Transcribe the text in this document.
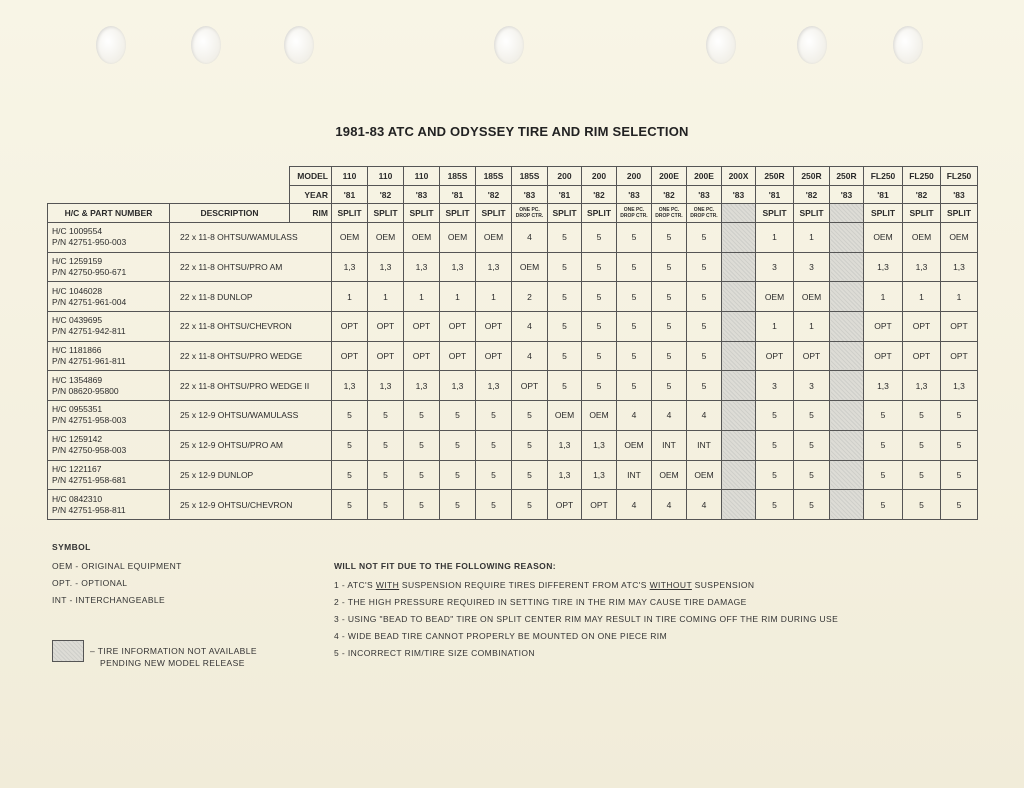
1981-83 ATC AND ODYSSEY TIRE AND RIM SELECTION
		MODEL	110	110	110	185S	185S	185S	200	200	200	200E	200E	200X	250R	250R	250R	FL250	FL250	FL250
		YEAR	'81	'82	'83	'81	'82	'83	'81	'82	'83	'82	'83	'83	'81	'82	'83	'81	'82	'83
H/C & PART NUMBER	DESCRIPTION	RIM	SPLIT	SPLIT	SPLIT	SPLIT	SPLIT	ONE PC. DROP CTR.	SPLIT	SPLIT	ONE PC. DROP CTR.	ONE PC. DROP CTR.	ONE PC. DROP CTR.		SPLIT	SPLIT		SPLIT	SPLIT	SPLIT

H/C 1009554
P/N 42751-950-003	22 x 11-8 OHTSU/WAMULASS		OEM	OEM	OEM	OEM	OEM	4	5	5	5	5	5		1	1		OEM	OEM	OEM

H/C 1259159
P/N 42750-950-671	22 x 11-8 OHTSU/PRO AM		1,3	1,3	1,3	1,3	1,3	OEM	5	5	5	5	5		3	3		1,3	1,3	1,3

H/C 1046028
P/N 42751-961-004	22 x 11-8 DUNLOP		1	1	1	1	1	2	5	5	5	5	5		OEM	OEM		1	1	1

H/C 0439695
P/N 42751-942-811	22 x 11-8 OHTSU/CHEVRON		OPT	OPT	OPT	OPT	OPT	4	5	5	5	5	5		1	1		OPT	OPT	OPT

H/C 1181866
P/N 42751-961-811	22 x 11-8 OHTSU/PRO WEDGE		OPT	OPT	OPT	OPT	OPT	4	5	5	5	5	5		OPT	OPT		OPT	OPT	OPT

H/C 1354869
P/N 08620-95800	22 x 11-8 OHTSU/PRO WEDGE II		1,3	1,3	1,3	1,3	1,3	OPT	5	5	5	5	5		3	3		1,3	1,3	1,3

H/C 0955351
P/N 42751-958-003	25 x 12-9 OHTSU/WAMULASS		5	5	5	5	5	5	OEM	OEM	4	4	4		5	5		5	5	5

H/C 1259142
P/N 42750-958-003	25 x 12-9 OHTSU/PRO AM		5	5	5	5	5	5	1,3	1,3	OEM	INT	INT		5	5		5	5	5

H/C 1221167
P/N 42751-958-681	25 x 12-9 DUNLOP		5	5	5	5	5	5	1,3	1,3	INT	OEM	OEM		5	5		5	5	5

H/C 0842310
P/N 42751-958-811	25 x 12-9 OHTSU/CHEVRON		5	5	5	5	5	5	OPT	OPT	4	4	4		5	5		5	5	5
SYMBOL
OEM - ORIGINAL EQUIPMENT
OPT. - OPTIONAL
INT - INTERCHANGEABLE
– TIRE INFORMATION NOT AVAILABLE
PENDING NEW MODEL RELEASE
WILL NOT FIT DUE TO THE FOLLOWING REASON:
1 - ATC'S WITH SUSPENSION REQUIRE TIRES DIFFERENT FROM ATC'S WITHOUT SUSPENSION
2 - THE HIGH PRESSURE REQUIRED IN SETTING TIRE IN THE RIM MAY CAUSE TIRE DAMAGE
3 - USING "BEAD TO BEAD" TIRE ON SPLIT CENTER RIM MAY RESULT IN TIRE COMING OFF THE RIM DURING USE
4 - WIDE BEAD TIRE CANNOT PROPERLY BE MOUNTED ON ONE PIECE RIM
5 - INCORRECT RIM/TIRE SIZE COMBINATION
